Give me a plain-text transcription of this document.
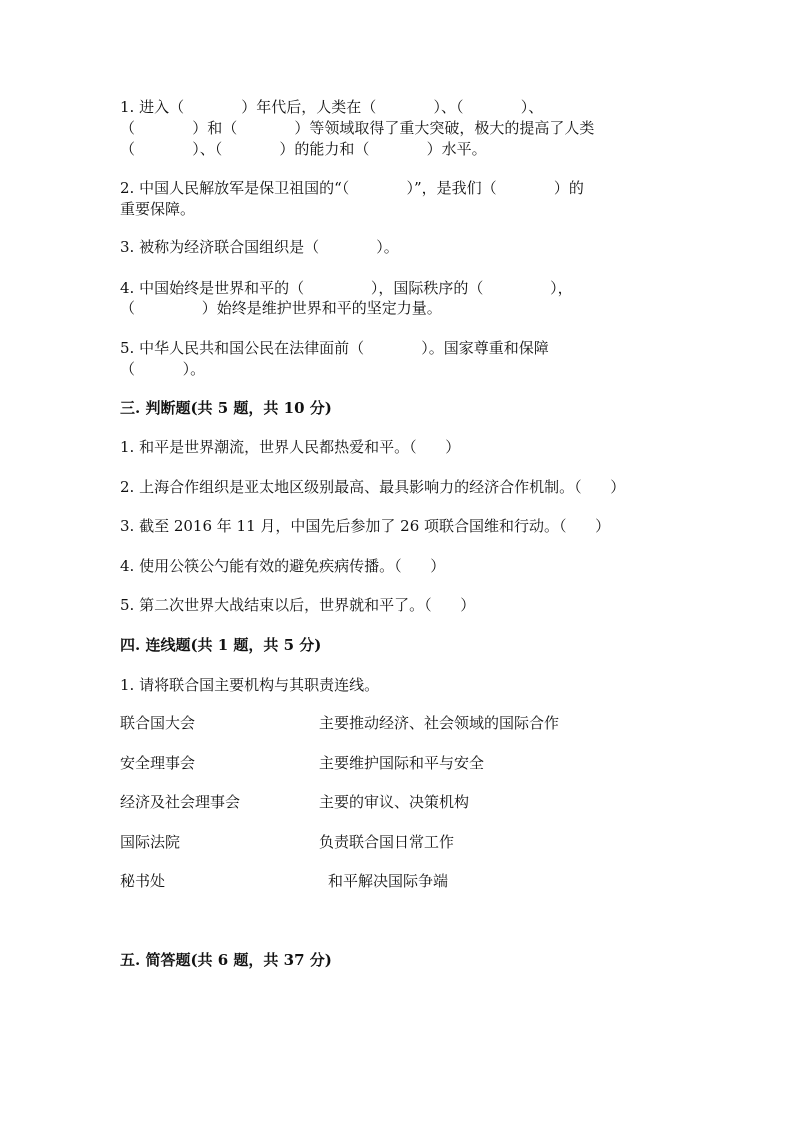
1. 进入（            ）年代后，人类在（            ）、（            ）、
（            ）和（            ）等领域取得了重大突破，极大的提高了人类
（            ）、（            ）的能力和（            ）水平。
2. 中国人民解放军是保卫祖国的“（            ）”，是我们（            ）的
重要保障。
3. 被称为经济联合国组织是（            ）。
4. 中国始终是世界和平的（              ），国际秩序的（              ），
（              ）始终是维护世界和平的坚定力量。
5. 中华人民共和国公民在法律面前（            ）。国家尊重和保障
（          ）。
三. 判断题(共 5 题，共 10 分)
1. 和平是世界潮流，世界人民都热爱和平。（      ）
2. 上海合作组织是亚太地区级别最高、最具影响力的经济合作机制。（      ）
3. 截至 2016 年 11 月，中国先后参加了 26 项联合国维和行动。（      ）
4. 使用公筷公勺能有效的避免疾病传播。（      ）
5. 第二次世界大战结束以后，世界就和平了。（      ）
四. 连线题(共 1 题，共 5 分)
1. 请将联合国主要机构与其职责连线。
联合国大会	主要推动经济、社会领域的国际合作
安全理事会	主要维护国际和平与安全
经济及社会理事会	主要的审议、决策机构
国际法院	负责联合国日常工作
秘书处	和平解决国际争端
五. 简答题(共 6 题，共 37 分)
